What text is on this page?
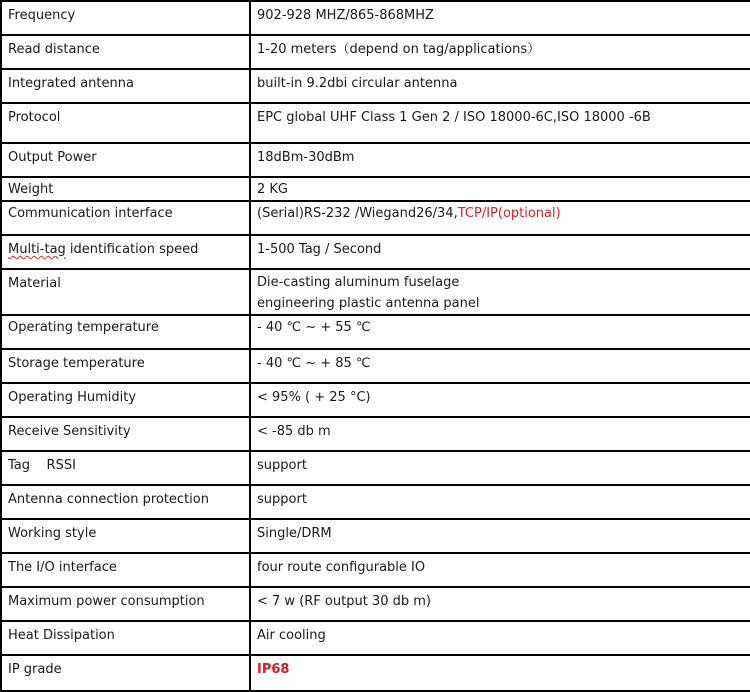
Frequency	902-928 MHZ/865-868MHZ
Read distance	1-20 meters（depend on tag/applications）
Integrated antenna	built-in 9.2dbi circular antenna
Protocol	EPC global UHF Class 1 Gen 2 / ISO 18000-6C,ISO 18000 -6B
Output Power	18dBm-30dBm
Weight	2 KG
Communication interface	(Serial)RS-232 /Wiegand26/34,TCP/IP(optional)
Multi-tag identification speed	1-500 Tag / Second
Material	Die-casting aluminum fuselage
engineering plastic antenna panel

Operating temperature	- 40 ℃ ~ + 55 ℃
Storage temperature	- 40 ℃ ~ + 85 ℃
Operating Humidity	< 95% ( + 25 °C)
Receive Sensitivity	< -85 db m
Tag    RSSI	support
Antenna connection protection	support
Working style	Single/DRM
The I/O interface	four route configurable IO
Maximum power consumption	< 7 w (RF output 30 db m)
Heat Dissipation	Air cooling
IP grade	IP68
